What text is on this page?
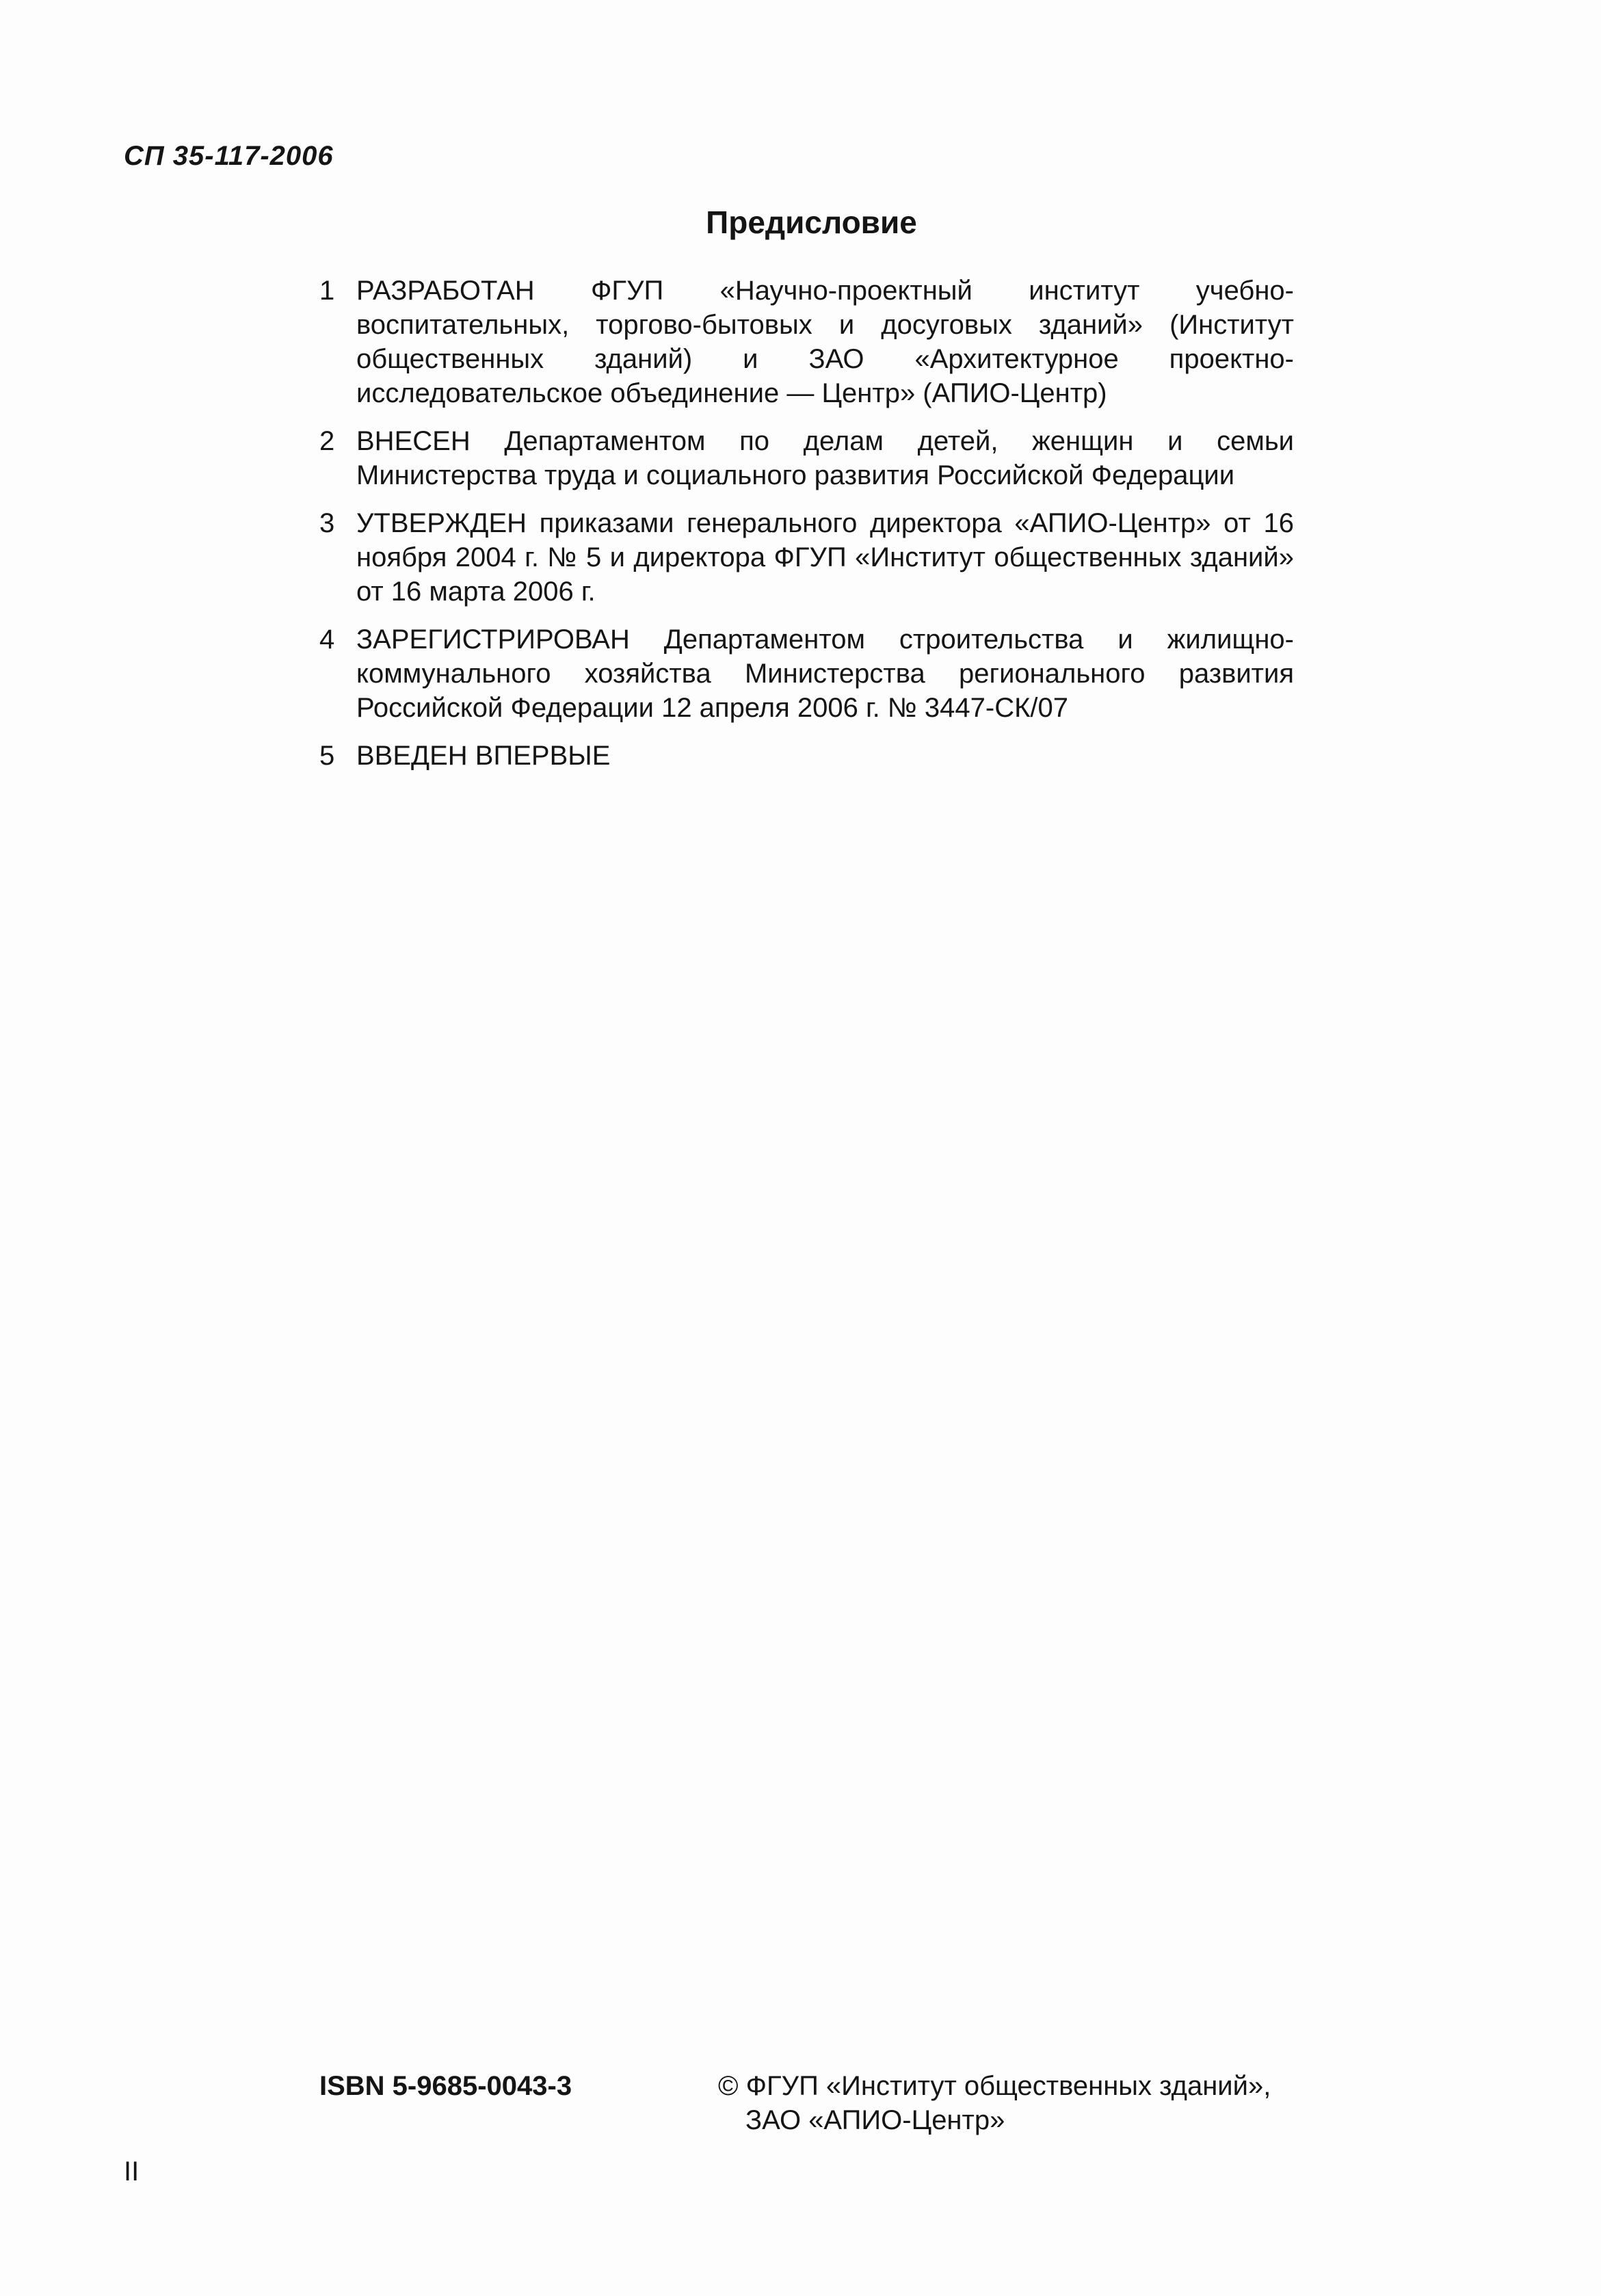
СП 35-117-2006
Предисловие
1 РАЗРАБОТАН ФГУП «Научно-проектный институт учебно-воспитательных, торгово-бытовых и досуговых зданий» (Институт общественных зданий) и ЗАО «Архитектурное проектно-исследовательское объединение — Центр» (АПИО-Центр)
2 ВНЕСЕН Департаментом по делам детей, женщин и семьи Министерства труда и социального развития Российской Федерации
3 УТВЕРЖДЕН приказами генерального директора «АПИО-Центр» от 16 ноября 2004 г. № 5 и директора ФГУП «Институт общественных зданий» от 16 марта 2006 г.
4 ЗАРЕГИСТРИРОВАН Департаментом строительства и жилищно-коммунального хозяйства Министерства регионального развития Российской Федерации 12 апреля 2006 г. № 3447-СК/07
5 ВВЕДЕН ВПЕРВЫЕ
ISBN 5-9685-0043-3	© ФГУП «Институт общественных зданий»,
ЗАО «АПИО-Центр»
II
